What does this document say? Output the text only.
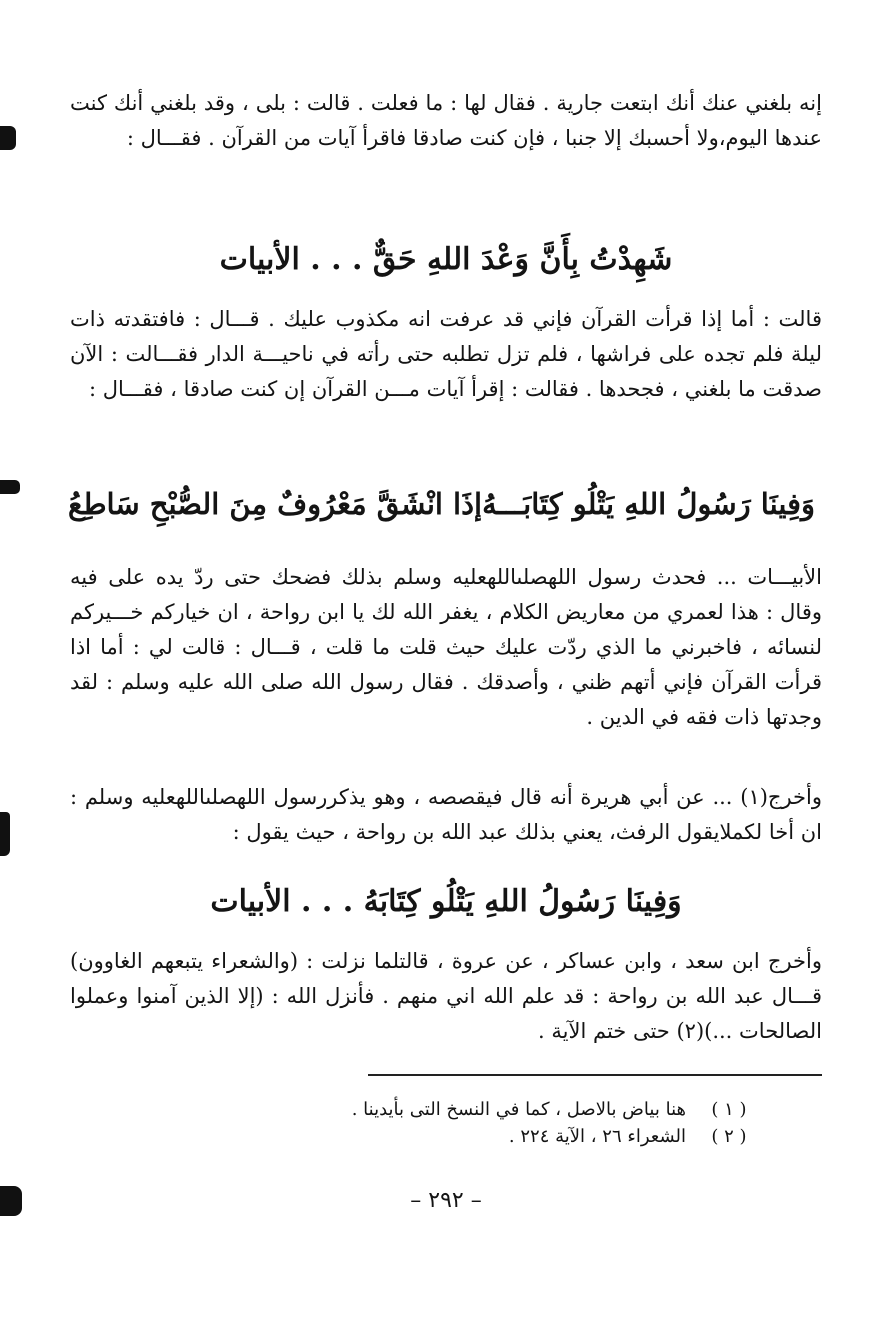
إنه بلغني عنك أنك ابتعت جارية . فقال لها : ما فعلت . قالت : بلى ، وقد بلغني أنك كنت عندها اليوم،ولا أحسبك إلا جنبا ، فإن كنت صادقا فاقرأ آيات من القرآن . فقـــال :

شَهِدْتُ بِأَنَّ وَعْدَ اللهِ حَقٌّ . . . الأبيات

قالت : أما إذا قرأت القرآن فإني قد عرفت انه مكذوب عليك . قـــال : فافتقدته ذات ليلة فلم تجده على فراشها ، فلم تزل تطلبه حتى رأته في ناحيـــة الدار فقـــالت : الآن صدقت ما بلغني ، فجحدها . فقالت : إقرأ آيات مـــن القرآن إن كنت صادقا ، فقـــال :

وَفِينَا رَسُولُ اللهِ يَتْلُو كِتَابَـــهُ
إذَا انْشَقَّ مَعْرُوفٌ مِنَ الصُّبْحِ سَاطِعُ

الأبيـــات ... فحدث رسول اللهصلىاللهعليه وسلم بذلك فضحك حتى ردّ يده على فيه وقال : هذا لعمري من معاريض الكلام ، يغفر الله لك يا ابن رواحة ، ان خياركم خـــيركم لنسائه ، فاخبرني ما الذي ردّت عليك حيث قلت ما قلت ، قـــال : قالت لي : أما اذا قرأت القرآن فإني أتهم ظني ، وأصدقك . فقال رسول الله صلى الله عليه وسلم : لقد وجدتها ذات فقه في الدين .

وأخرج(١) ... عن أبي هريرة أنه قال فيقصصه ، وهو يذكررسول اللهصلىاللهعليه وسلم : ان أخا لكملايقول الرفث، يعني بذلك عبد الله بن رواحة ، حيث يقول :

وَفِينَا رَسُولُ اللهِ يَتْلُو كِتَابَهُ . . . الأبيات

وأخرج ابن سعد ، وابن عساكر ، عن عروة ، قالتلما نزلت : (والشعراء يتبعهم الغاوون) قـــال عبد الله بن رواحة : قد علم الله اني منهم . فأنزل الله : (إلا الذين آمنوا وعملوا الصالحات ...)(٢) حتى ختم الآية .

( ١ )
هنا بياض بالاصل ، كما في النسخ التى بأيدينا .
( ٢ )
الشعراء ٢٦ ، الآية ٢٢٤ .
– ٢٩٢ –
